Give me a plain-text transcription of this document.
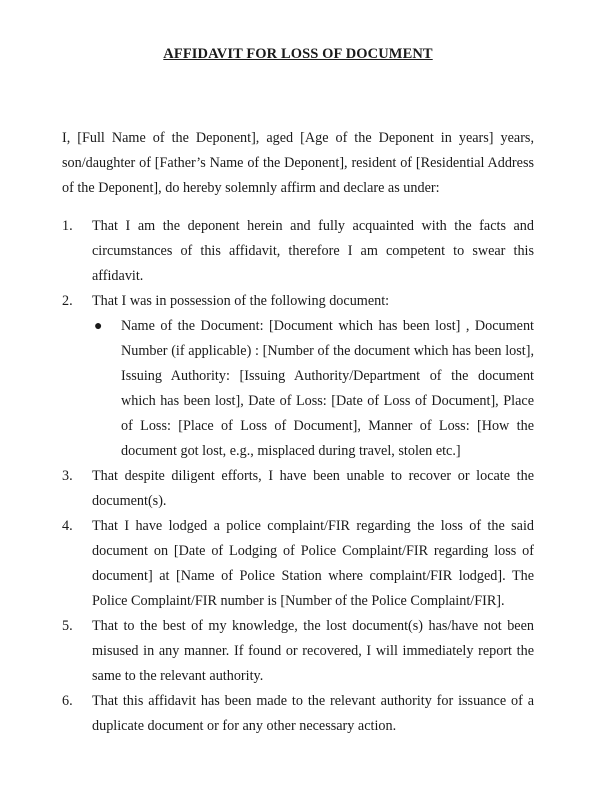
AFFIDAVIT FOR LOSS OF DOCUMENT
I, [Full Name of the Deponent], aged [Age of the Deponent in years] years, son/daughter of [Father’s Name of the Deponent], resident of [Residential Address of the Deponent], do hereby solemnly affirm and declare as under:
1. That I am the deponent herein and fully acquainted with the facts and circumstances of this affidavit, therefore I am competent to swear this affidavit.
2. That I was in possession of the following document:
● Name of the Document: [Document which has been lost] , Document Number (if applicable) : [Number of the document which has been lost], Issuing Authority: [Issuing Authority/Department of the document which has been lost], Date of Loss: [Date of Loss of Document], Place of Loss: [Place of Loss of Document], Manner of Loss: [How the document got lost, e.g., misplaced during travel, stolen etc.]
3. That despite diligent efforts, I have been unable to recover or locate the document(s).
4. That I have lodged a police complaint/FIR regarding the loss of the said document on [Date of Lodging of Police Complaint/FIR regarding loss of document] at [Name of Police Station where complaint/FIR lodged]. The Police Complaint/FIR number is [Number of the Police Complaint/FIR].
5. That to the best of my knowledge, the lost document(s) has/have not been misused in any manner. If found or recovered, I will immediately report the same to the relevant authority.
6. That this affidavit has been made to the relevant authority for issuance of a duplicate document or for any other necessary action.
